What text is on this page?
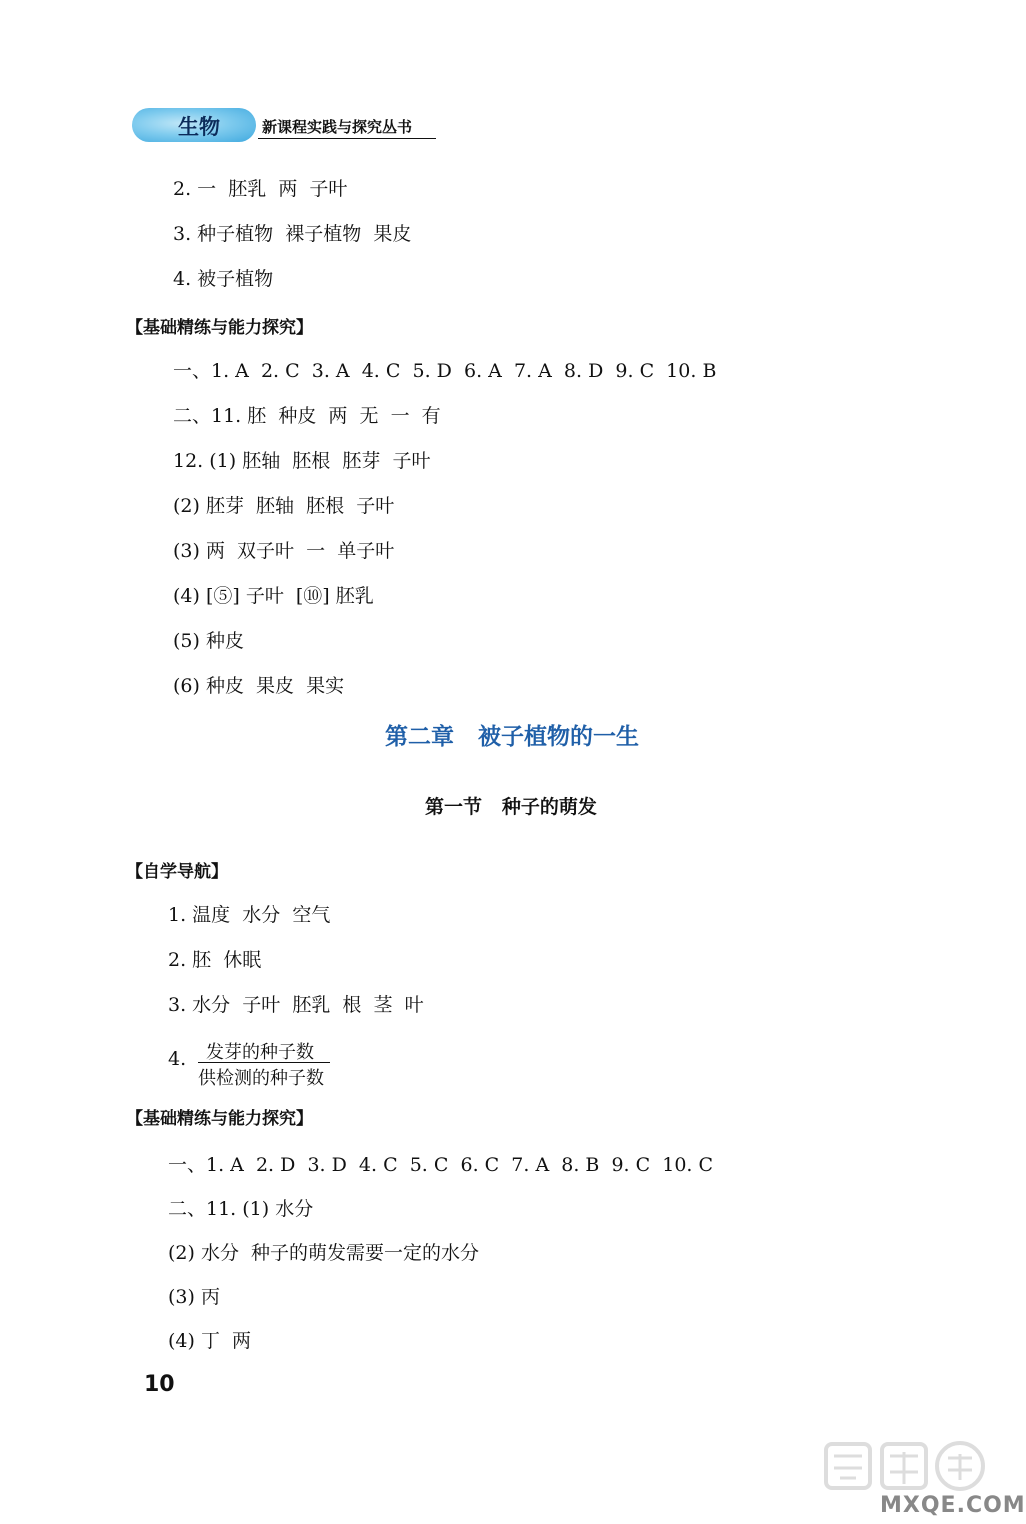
生物	新课程实践与探究丛书
2. 一  胚乳  两  子叶
3. 种子植物  裸子植物  果皮
4. 被子植物
【基础精练与能力探究】
一、1. A  2. C  3. A  4. C  5. D  6. A  7. A  8. D  9. C  10. B
二、11. 胚  种皮  两  无  一  有
12. (1) 胚轴  胚根  胚芽  子叶
(2) 胚芽  胚轴  胚根  子叶
(3) 两  双子叶  一  单子叶
(4) [⑤] 子叶  [⑩] 胚乳
(5) 种皮
(6) 种皮  果皮  果实
第二章   被子植物的一生
第一节   种子的萌发
【自学导航】
1. 温度  水分  空气
2. 胚  休眠
3. 水分  子叶  胚乳  根  茎  叶
4. 发芽的种子数
供检测的种子数
【基础精练与能力探究】
一、1. A  2. D  3. D  4. C  5. C  6. C  7. A  8. B  9. C  10. C
二、11. (1) 水分
(2) 水分  种子的萌发需要一定的水分
(3) 丙
(4) 丁  两
10
MXQE.COM
